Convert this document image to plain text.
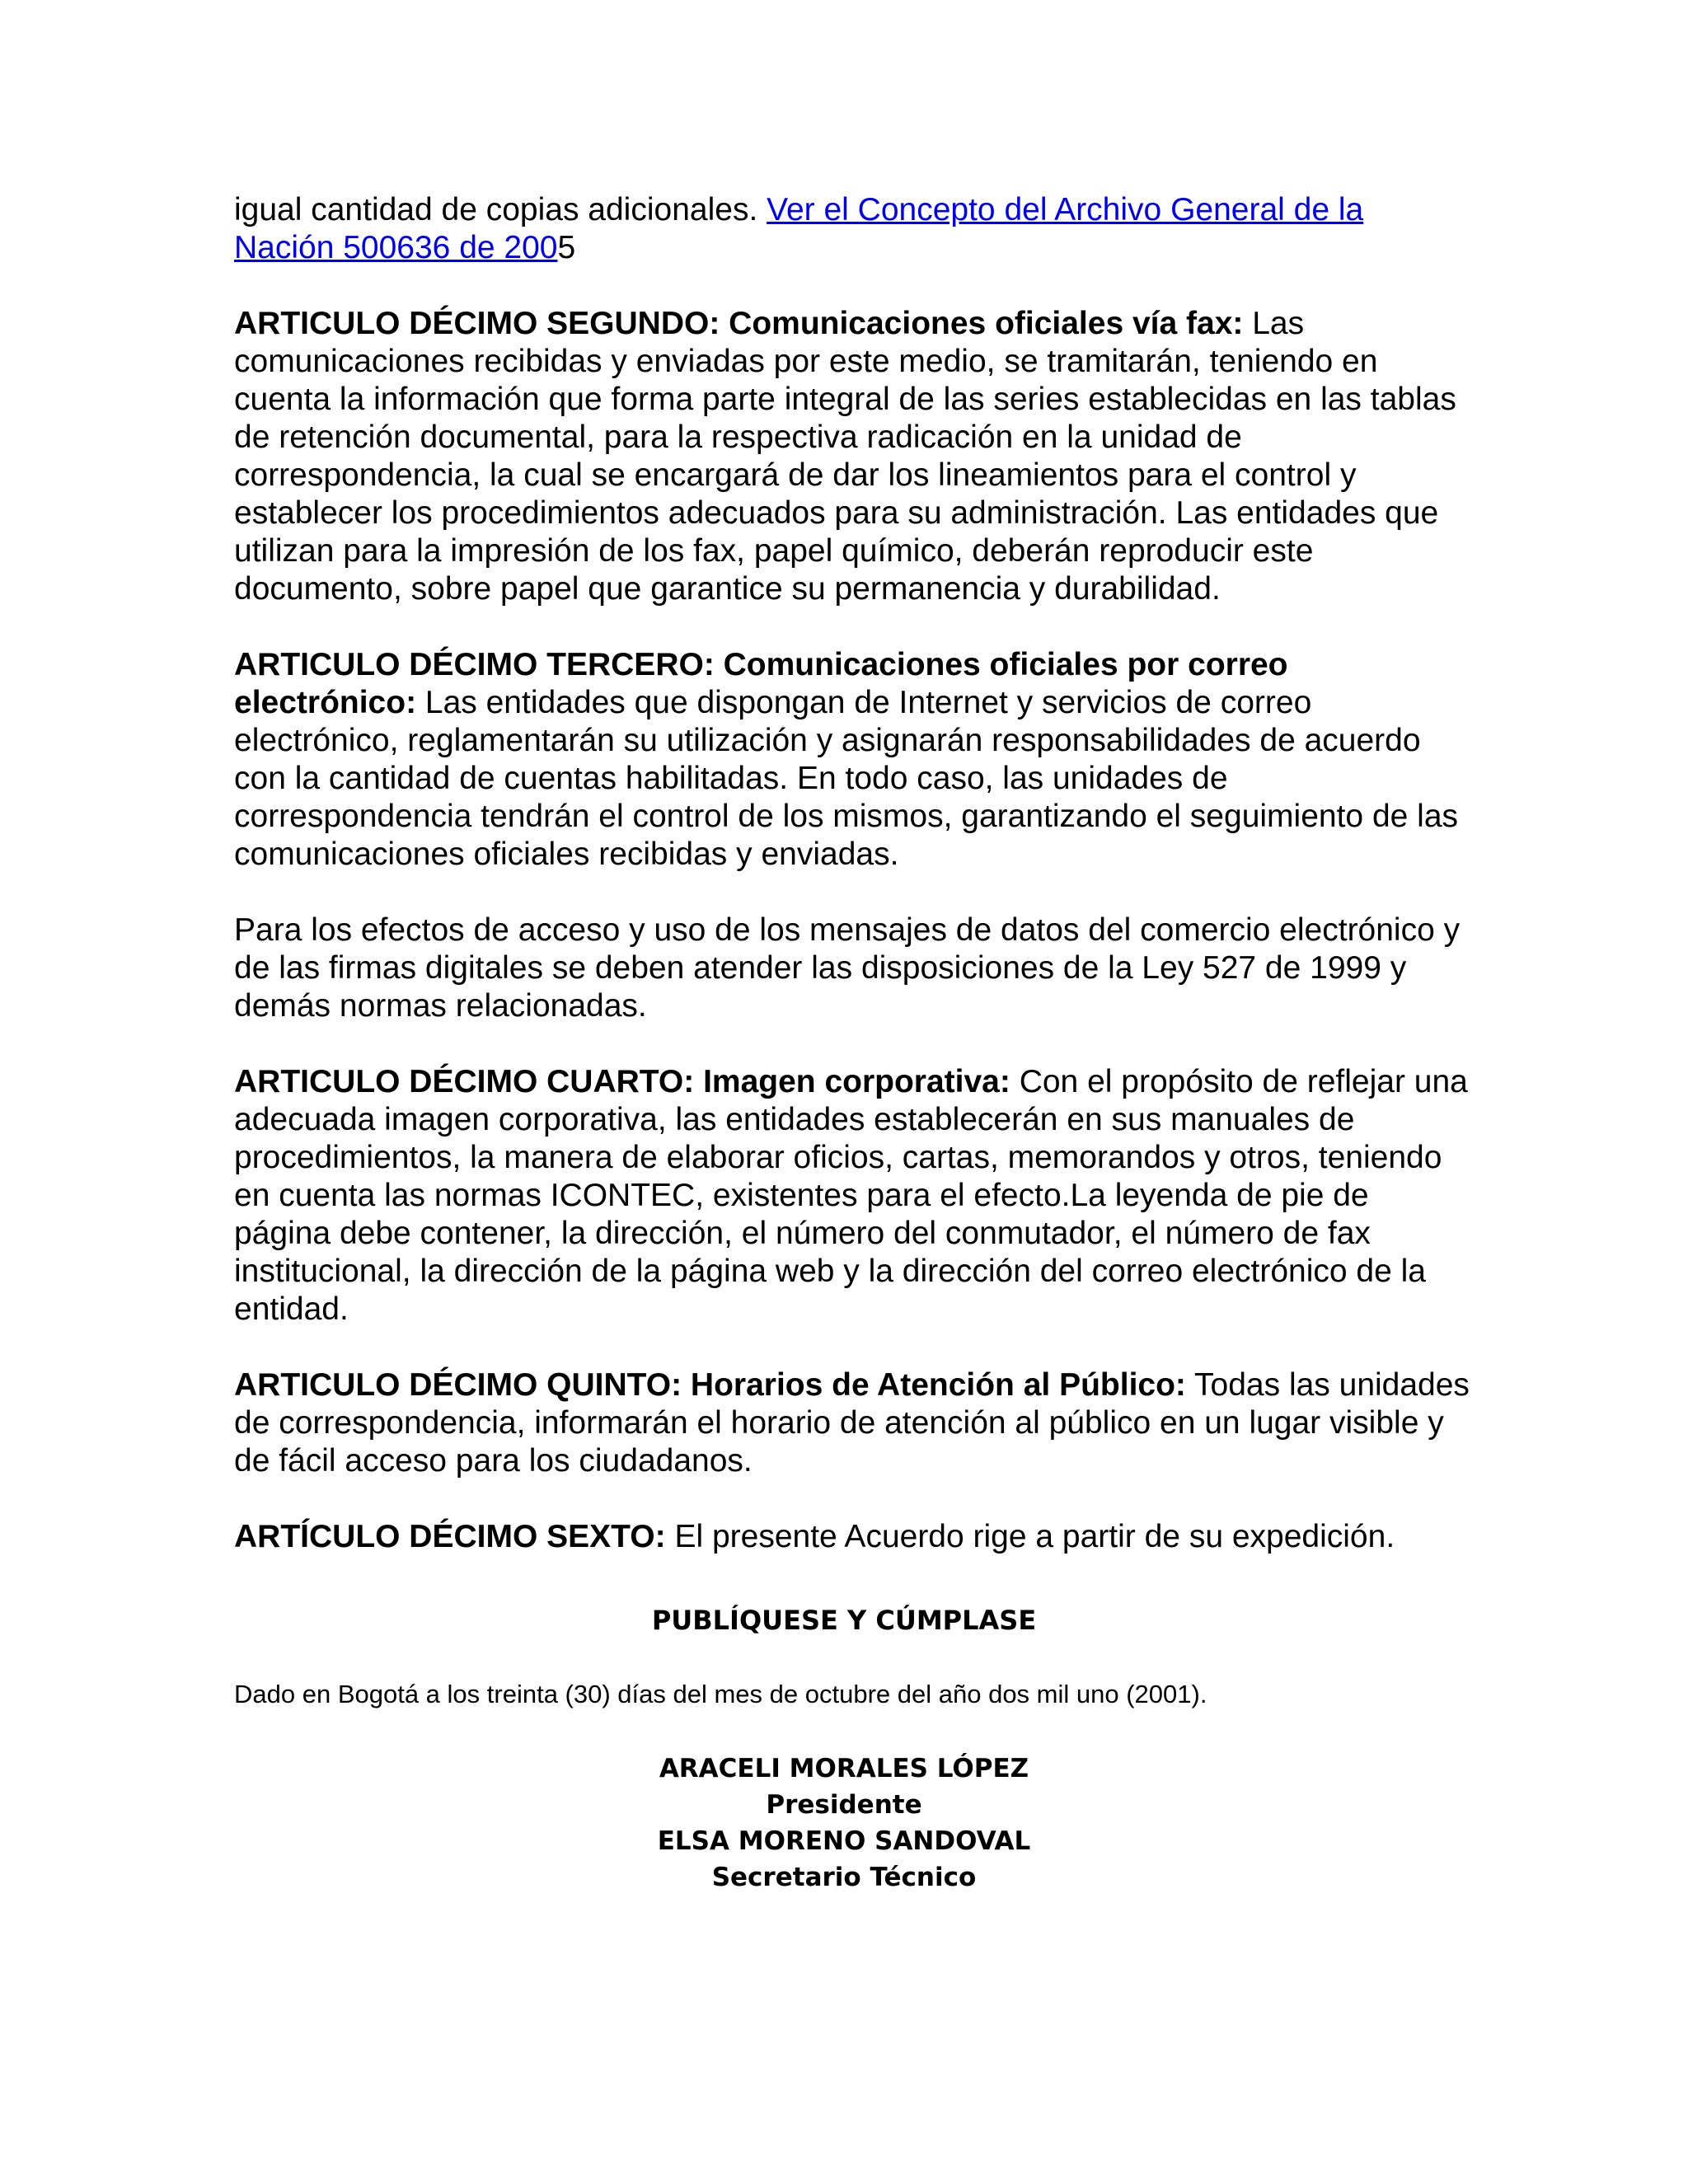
igual cantidad de copias adicionales. Ver el Concepto del Archivo General de la Nación 500636 de 2005

ARTICULO DÉCIMO SEGUNDO: Comunicaciones oficiales vía fax: Las comunicaciones recibidas y enviadas por este medio, se tramitarán, teniendo en cuenta la información que forma parte integral de las series establecidas en las tablas de retención documental, para la respectiva radicación en la unidad de correspondencia, la cual se encargará de dar los lineamientos para el control y establecer los procedimientos adecuados para su administración. Las entidades que utilizan para la impresión de los fax, papel químico, deberán reproducir este documento, sobre papel que garantice su permanencia y durabilidad.

ARTICULO DÉCIMO TERCERO: Comunicaciones oficiales por correo electrónico: Las entidades que dispongan de Internet y servicios de correo electrónico, reglamentarán su utilización y asignarán responsabilidades de acuerdo con la cantidad de cuentas habilitadas. En todo caso, las unidades de correspondencia tendrán el control de los mismos, garantizando el seguimiento de las comunicaciones oficiales recibidas y enviadas.

Para los efectos de acceso y uso de los mensajes de datos del comercio electrónico y de las firmas digitales se deben atender las disposiciones de la Ley 527 de 1999 y demás normas relacionadas.

ARTICULO DÉCIMO CUARTO: Imagen corporativa: Con el propósito de reflejar una adecuada imagen corporativa, las entidades establecerán en sus manuales de procedimientos, la manera de elaborar oficios, cartas, memorandos y otros, teniendo en cuenta las normas ICONTEC, existentes para el efecto.La leyenda de pie de página debe contener, la dirección, el número del conmutador, el número de fax institucional, la dirección de la página web y la dirección del correo electrónico de la entidad.

ARTICULO DÉCIMO QUINTO: Horarios de Atención al Público: Todas las unidades de correspondencia, informarán el horario de atención al público en un lugar visible y de fácil acceso para los ciudadanos.

ARTÍCULO DÉCIMO SEXTO: El presente Acuerdo rige a partir de su expedición.

PUBLÍQUESE Y CÚMPLASE
Dado en Bogotá a los treinta (30) días del mes de octubre del año dos mil uno (2001).
ARACELI MORALES LÓPEZ
Presidente
ELSA MORENO SANDOVAL
Secretario Técnico
